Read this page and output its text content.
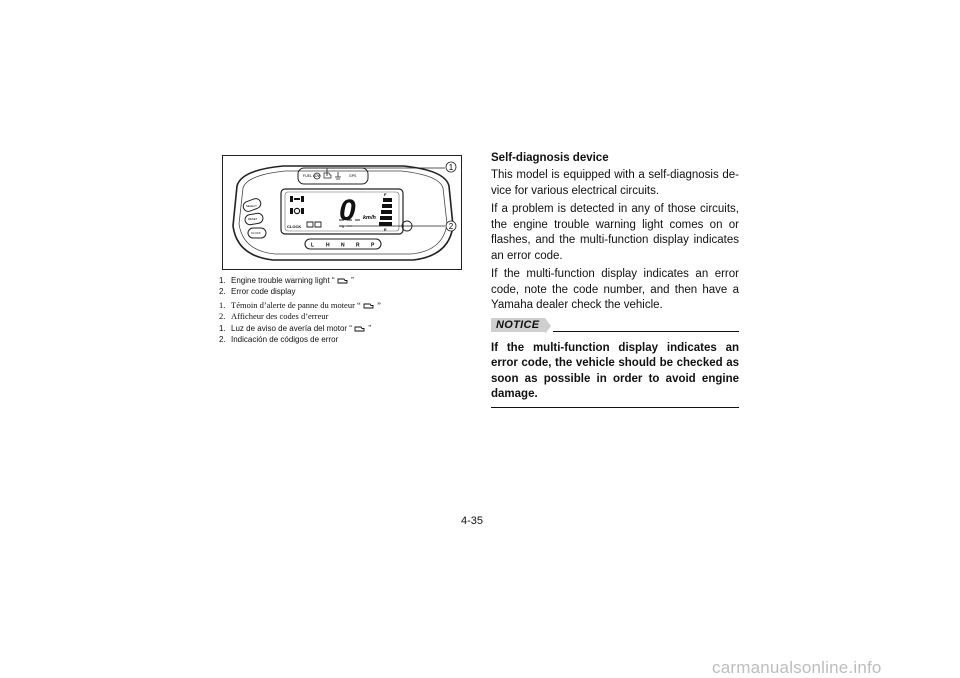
FUEL LOW	GPS
0 km/h
F
E
CLOCK
SELECT
RESET
CLOCK
L H N R P
1
2
1. Engine trouble warning light “ ”
2. Error code display
1. Témoin d’alerte de panne du moteur “ ”
2. Afficheur des codes d’erreur
1. Luz de aviso de avería del motor “ ”
2. Indicación de códigos de error
Self-diagnosis device

This model is equipped with a self-diagnosis de-vice for various electrical circuits.

If a problem is detected in any of those circuits, the engine trouble warning light comes on or flashes, and the multi-function display indicates an error code.

If the multi-function display indicates an error code, note the code number, and then have a Yamaha dealer check the vehicle.

NOTICE

If the multi-function display indicates an error code, the vehicle should be checked as soon as possible in order to avoid engine damage.

4-35
carmanualsonline.info
